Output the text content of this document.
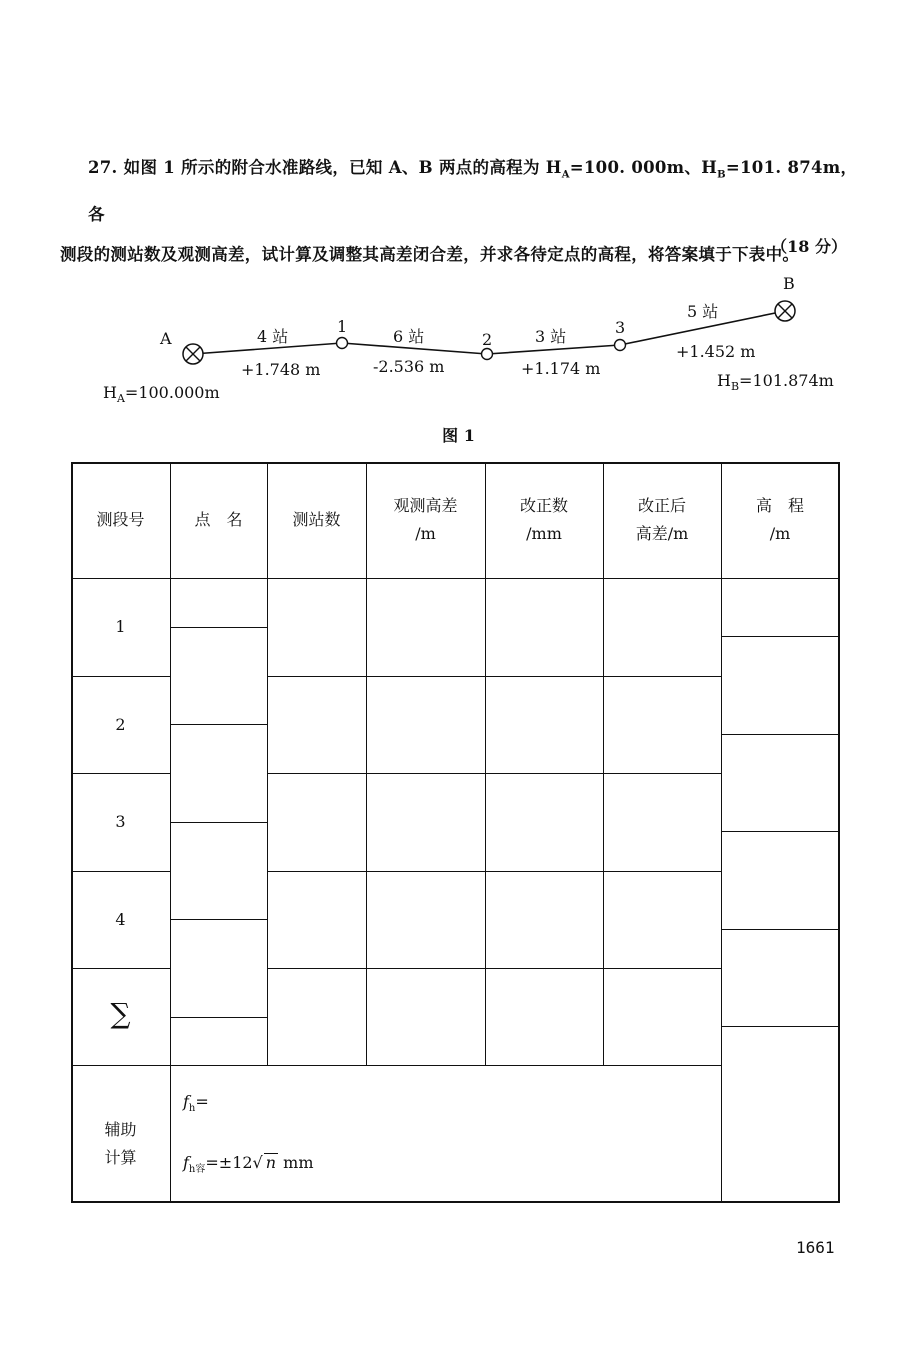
27. 如图 1 所示的附合水准路线，已知 A、B 两点的高程为 $H_A=100$. 000m、$H_B=101$. 874m，各
测段的测站数及观测高差，试计算及调整其高差闭合差，并求各待定点的高程，将答案填于下表中。
（18 分）
A
B
1
2
3
4 站
+1.748 m
6 站
-2.536 m
3 站
+1.174 m
5 站
+1.452 m
$H_A=100.000m$
$H_B=101.874m$
图 1
测段号	点　名	测站数
观测高差
/m
改正数
/mm
改正后
高差/m
高　程
/m
1
2
3
4
∑
辅助
计算
$f_h=$
$f_{h容}=\pm 12√$ n mm
1661
